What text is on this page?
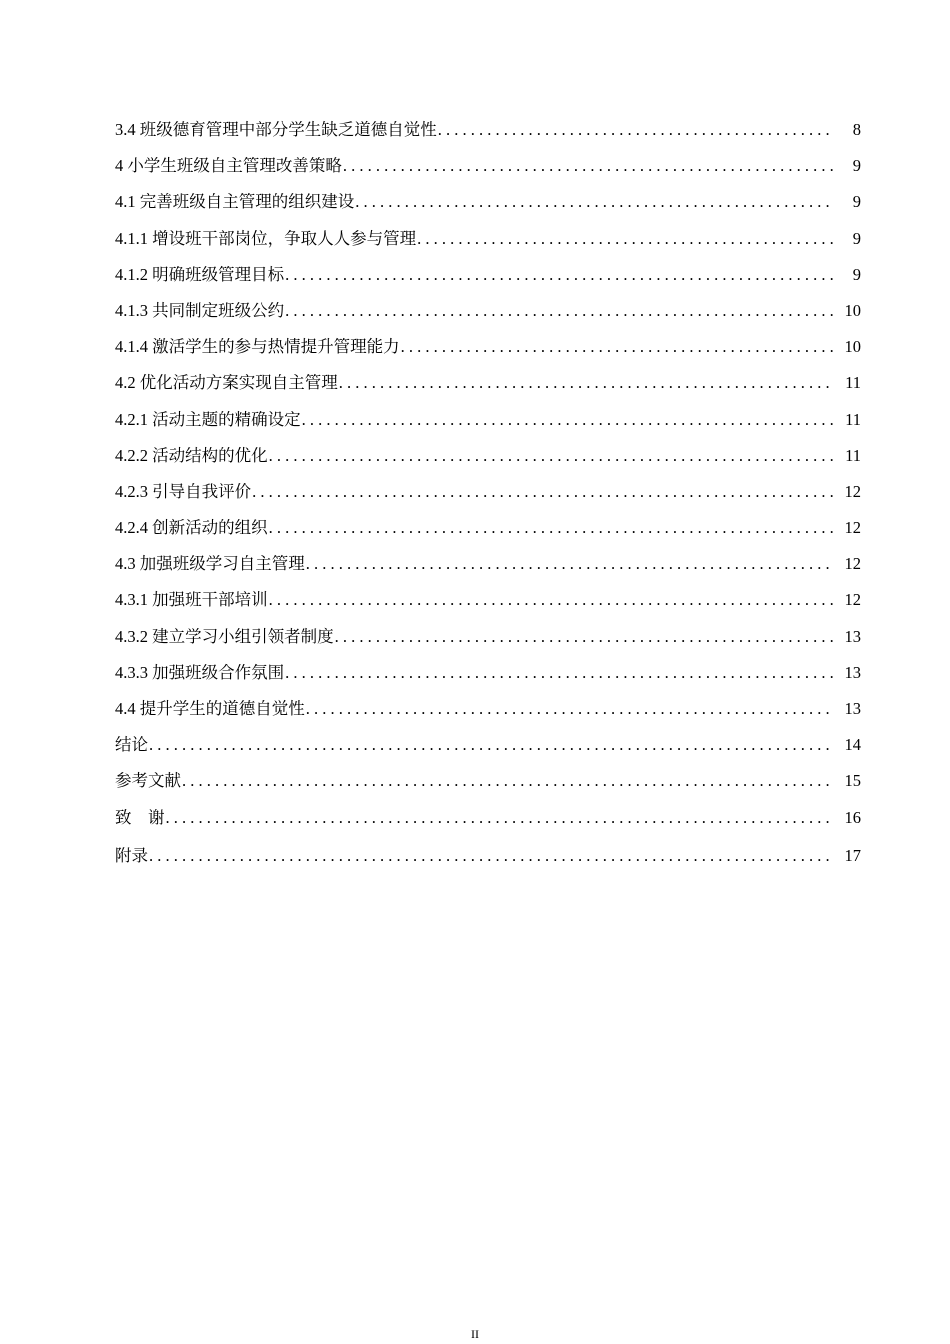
3.4 班级德育管理中部分学生缺乏道德自觉性 . . .	8
4 小学生班级自主管理改善策略 . . .	9
4.1 完善班级自主管理的组织建设 . . .	9
4.1.1 增设班干部岗位，争取人人参与管理 . . .	9
4.1.2 明确班级管理目标 . . .	9
4.1.3 共同制定班级公约 . . .	10
4.1.4 激活学生的参与热情提升管理能力 . . .	10
4.2 优化活动方案实现自主管理 . . .	11
4.2.1 活动主题的精确设定 . . .	11
4.2.2 活动结构的优化 . . .	11
4.2.3 引导自我评价 . . .	12
4.2.4 创新活动的组织 . . .	12
4.3 加强班级学习自主管理 . . .	12
4.3.1 加强班干部培训 . . .	12
4.3.2 建立学习小组引领者制度 . . .	13
4.3.3 加强班级合作氛围 . . .	13
4.4 提升学生的道德自觉性 . . .	13
结论 . . .	14
参考文献 . . .	15
致    谢 . . .	16
附录 . . .	17
II
